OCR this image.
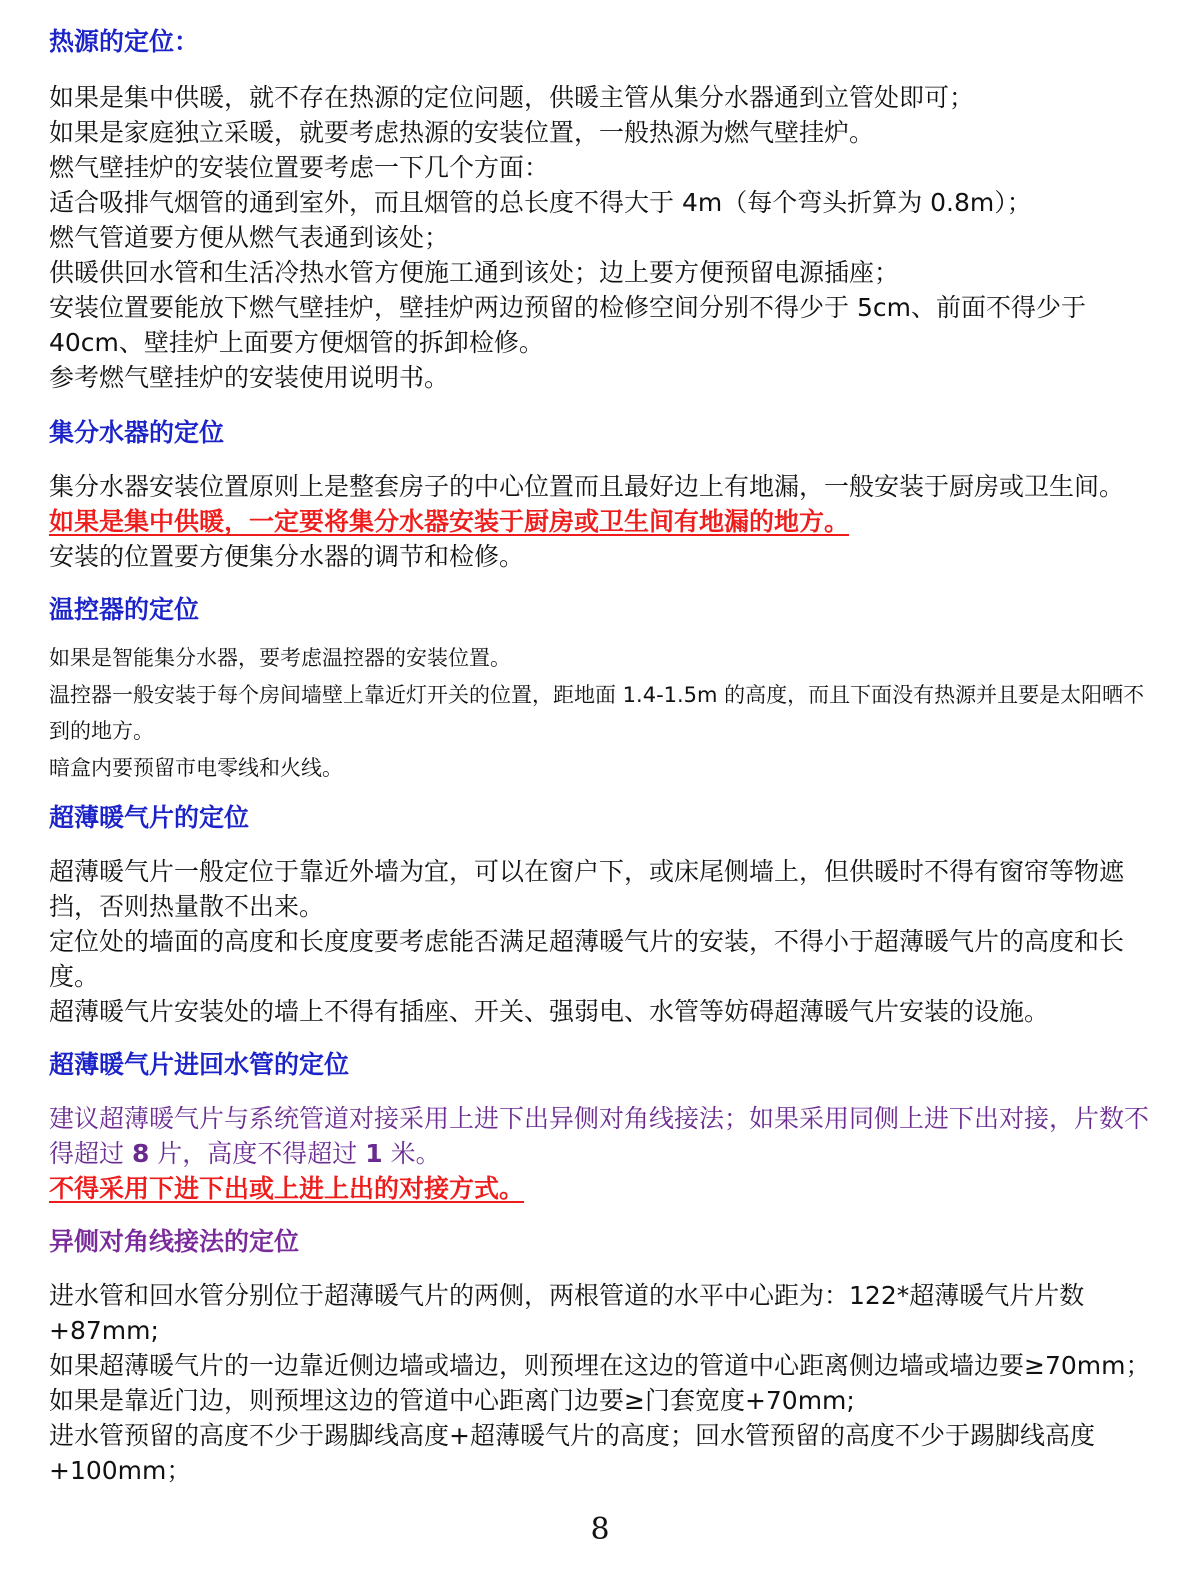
热源的定位：

如果是集中供暖，就不存在热源的定位问题，供暖主管从集分水器通到立管处即可；

如果是家庭独立采暖，就要考虑热源的安装位置，一般热源为燃气壁挂炉。

燃气壁挂炉的安装位置要考虑一下几个方面：

适合吸排气烟管的通到室外，而且烟管的总长度不得大于 4m（每个弯头折算为 0.8m）；

燃气管道要方便从燃气表通到该处；

供暖供回水管和生活冷热水管方便施工通到该处；边上要方便预留电源插座；

安装位置要能放下燃气壁挂炉，壁挂炉两边预留的检修空间分别不得少于 5cm、前面不得少于 40cm、壁挂炉上面要方便烟管的拆卸检修。

参考燃气壁挂炉的安装使用说明书。

集分水器的定位

集分水器安装位置原则上是整套房子的中心位置而且最好边上有地漏，一般安装于厨房或卫生间。

如果是集中供暖，一定要将集分水器安装于厨房或卫生间有地漏的地方。

安装的位置要方便集分水器的调节和检修。

温控器的定位

如果是智能集分水器，要考虑温控器的安装位置。

温控器一般安装于每个房间墙壁上靠近灯开关的位置，距地面 1.4-1.5m 的高度，而且下面没有热源并且要是太阳晒不到的地方。

暗盒内要预留市电零线和火线。

超薄暖气片的定位

超薄暖气片一般定位于靠近外墙为宜，可以在窗户下，或床尾侧墙上，但供暖时不得有窗帘等物遮挡，否则热量散不出来。

定位处的墙面的高度和长度度要考虑能否满足超薄暖气片的安装，不得小于超薄暖气片的高度和长度。

超薄暖气片安装处的墙上不得有插座、开关、强弱电、水管等妨碍超薄暖气片安装的设施。

超薄暖气片进回水管的定位

建议超薄暖气片与系统管道对接采用上进下出异侧对角线接法；如果采用同侧上进下出对接，片数不得超过 8 片，高度不得超过 1 米。

不得采用下进下出或上进上出的对接方式。

异侧对角线接法的定位

进水管和回水管分别位于超薄暖气片的两侧，两根管道的水平中心距为：122*超薄暖气片片数+87mm;

如果超薄暖气片的一边靠近侧边墙或墙边，则预埋在这边的管道中心距离侧边墙或墙边要≥70mm；如果是靠近门边，则预埋这边的管道中心距离门边要≥门套宽度+70mm;

进水管预留的高度不少于踢脚线高度+超薄暖气片的高度；回水管预留的高度不少于踢脚线高度+100mm；

8
